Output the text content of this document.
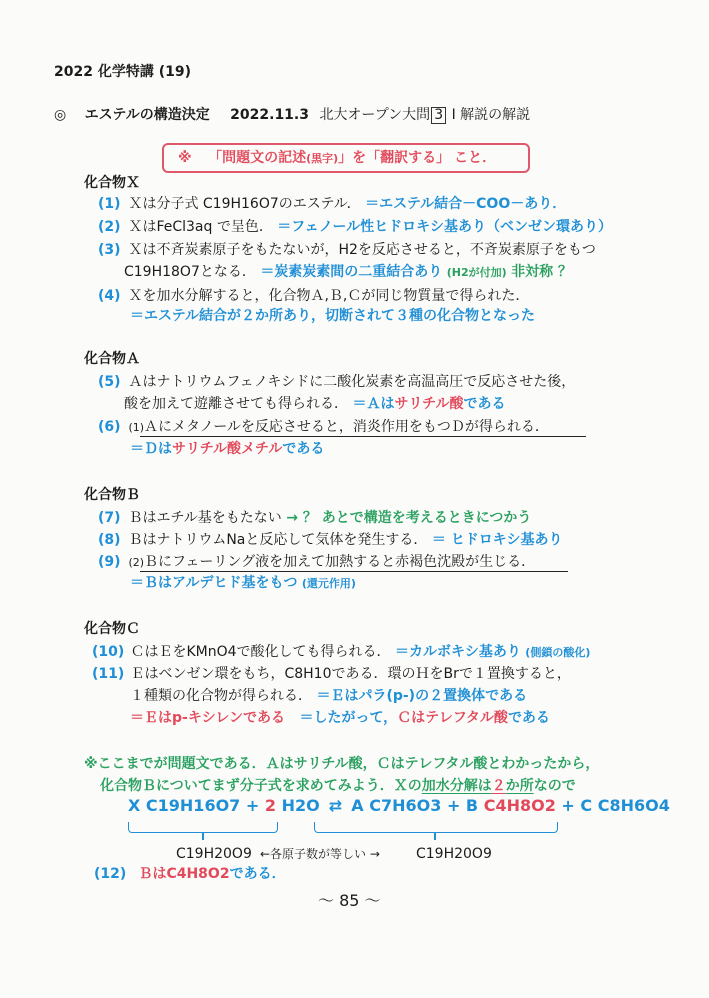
2022 化学特講 (19)
◎ エステルの構造決定 2022.11.3 北大オープン大問 3 Ⅰ 解説の解説
※ 「問題文の記述(黒字)」を「翻訳する」 こと．
化合物Ｘ
(1) Ｘは分子式 C19H16O7のエステル． ＝エステル結合－COO－あり．
(2) ＸはFeCl3aq で呈色． ＝フェノール性ヒドロキシ基あり（ベンゼン環あり）
(3) Ｘは不斉炭素原子をもたないが，H2を反応させると，不斉炭素原子をもつ
C19H18O7となる． ＝炭素炭素間の二重結合あり (H2が付加) 非対称 ？
(4) Ｘを加水分解すると，化合物Ａ,Ｂ,Ｃが同じ物質量で得られた．
＝エステル結合が２か所あり，切断されて３種の化合物となった
化合物Ａ
(5) Ａはナトリウムフェノキシドに二酸化炭素を高温高圧で反応させた後，
酸を加えて遊離させても得られる． ＝Ａはサリチル酸である
(6) (1)Ａにメタノールを反応させると，消炎作用をもつＤが得られる．
＝Ｄはサリチル酸メチルである
化合物Ｂ
(7) Ｂはエチル基をもたない → ？ あとで構造を考えるときにつかう
(8) ＢはナトリウムNaと反応して気体を発生する． ＝ ヒドロキシ基あり
(9) (2)Ｂにフェーリング液を加えて加熱すると赤褐色沈殿が生じる．
＝Ｂはアルデヒド基をもつ (還元作用)
化合物Ｃ
(10) ＣはＥをKMnO4で酸化しても得られる． ＝カルボキシ基あり (側鎖の酸化)
(11) Ｅはベンゼン環をもち，C8H10である．環のＨをBrで１置換すると，
１種類の化合物が得られる． ＝Ｅはパラ(p-)の２置換体である
＝Ｅはp-キシレンである ＝したがって，Ｃはテレフタル酸である
※ここまでが問題文である．Ａはサリチル酸，Ｃはテレフタル酸とわかったから，
化合物Ｂについてまず分子式を求めてみよう．Ｘの加水分解は２か所なので
X C19H16O7 + 2 H2O ⇄ A C7H6O3 + B C4H8O2 + C C8H6O4
C19H20O9 ←各原子数が等しい →	C19H20O9
(12) ＢはC4H8O2である．
～ 85 ～
